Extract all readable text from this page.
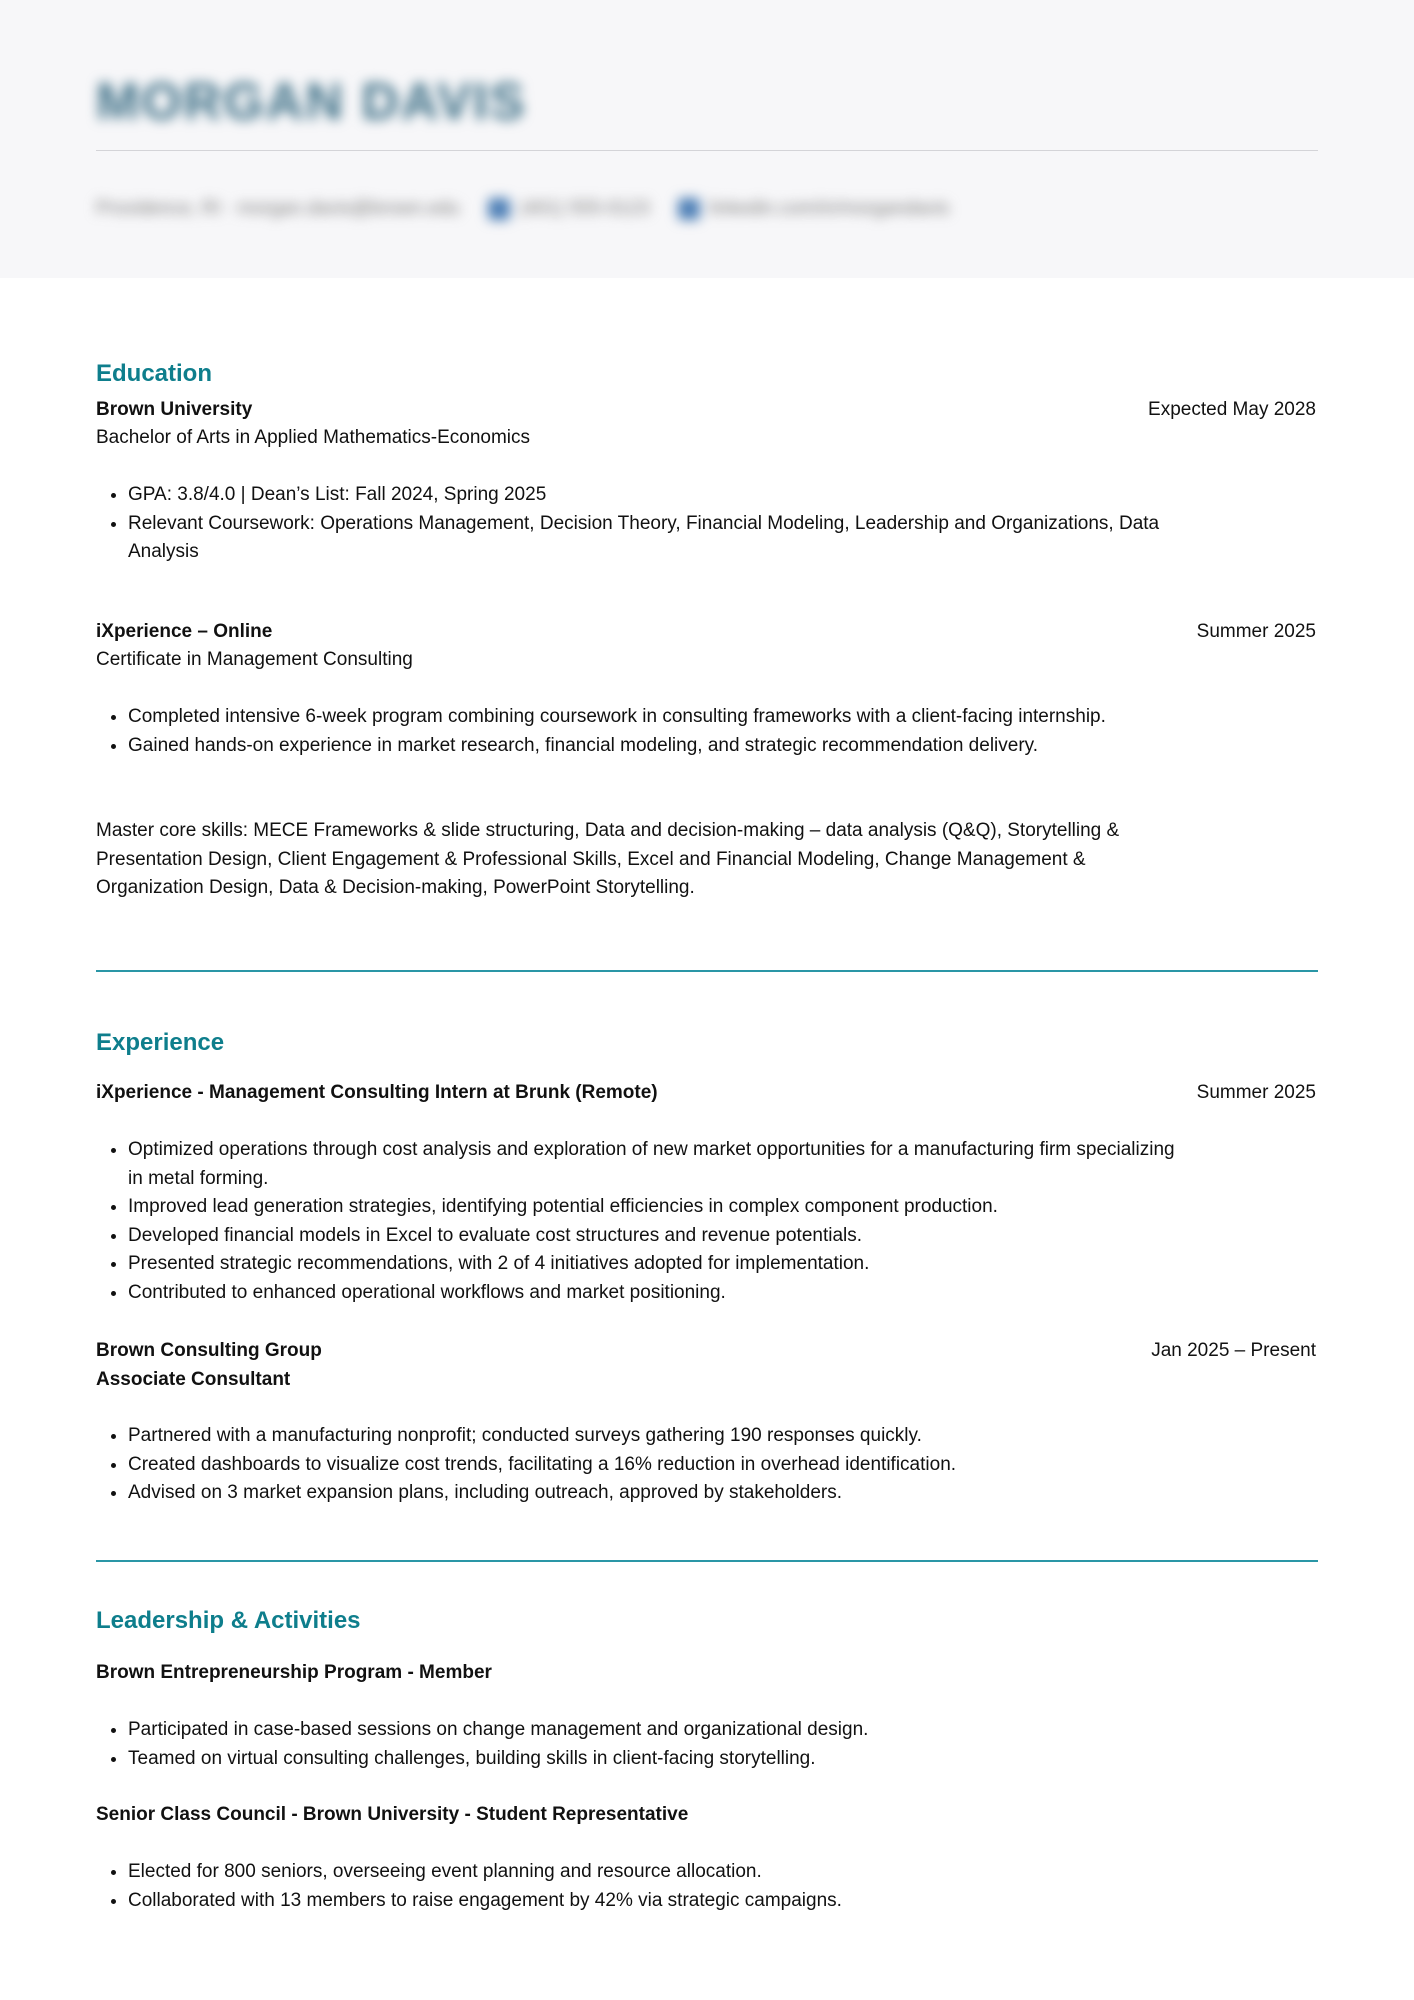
MORGAN DAVIS
Providence, RI · morgan.davis@brown.edu	(401) 555-0123	linkedin.com/in/morgandavis
Education
Brown University	Expected May 2028
Bachelor of Arts in Applied Mathematics-Economics
• GPA: 3.8/4.0 | Dean’s List: Fall 2024, Spring 2025
• Relevant Coursework: Operations Management, Decision Theory, Financial Modeling, Leadership and Organizations, Data Analysis
iXperience – Online	Summer 2025
Certificate in Management Consulting
• Completed intensive 6-week program combining coursework in consulting frameworks with a client-facing internship.
• Gained hands-on experience in market research, financial modeling, and strategic recommendation delivery.
Master core skills: MECE Frameworks & slide structuring, Data and decision-making – data analysis (Q&Q), Storytelling & Presentation Design, Client Engagement & Professional Skills, Excel and Financial Modeling, Change Management & Organization Design, Data & Decision-making, PowerPoint Storytelling.
Experience
iXperience - Management Consulting Intern at Brunk (Remote)	Summer 2025
• Optimized operations through cost analysis and exploration of new market opportunities for a manufacturing firm specializing in metal forming.
• Improved lead generation strategies, identifying potential efficiencies in complex component production.
• Developed financial models in Excel to evaluate cost structures and revenue potentials.
• Presented strategic recommendations, with 2 of 4 initiatives adopted for implementation.
• Contributed to enhanced operational workflows and market positioning.
Brown Consulting Group	Jan 2025 – Present
Associate Consultant
• Partnered with a manufacturing nonprofit; conducted surveys gathering 190 responses quickly.
• Created dashboards to visualize cost trends, facilitating a 16% reduction in overhead identification.
• Advised on 3 market expansion plans, including outreach, approved by stakeholders.
Leadership & Activities
Brown Entrepreneurship Program - Member
• Participated in case-based sessions on change management and organizational design.
• Teamed on virtual consulting challenges, building skills in client-facing storytelling.
Senior Class Council - Brown University - Student Representative
• Elected for 800 seniors, overseeing event planning and resource allocation.
• Collaborated with 13 members to raise engagement by 42% via strategic campaigns.
